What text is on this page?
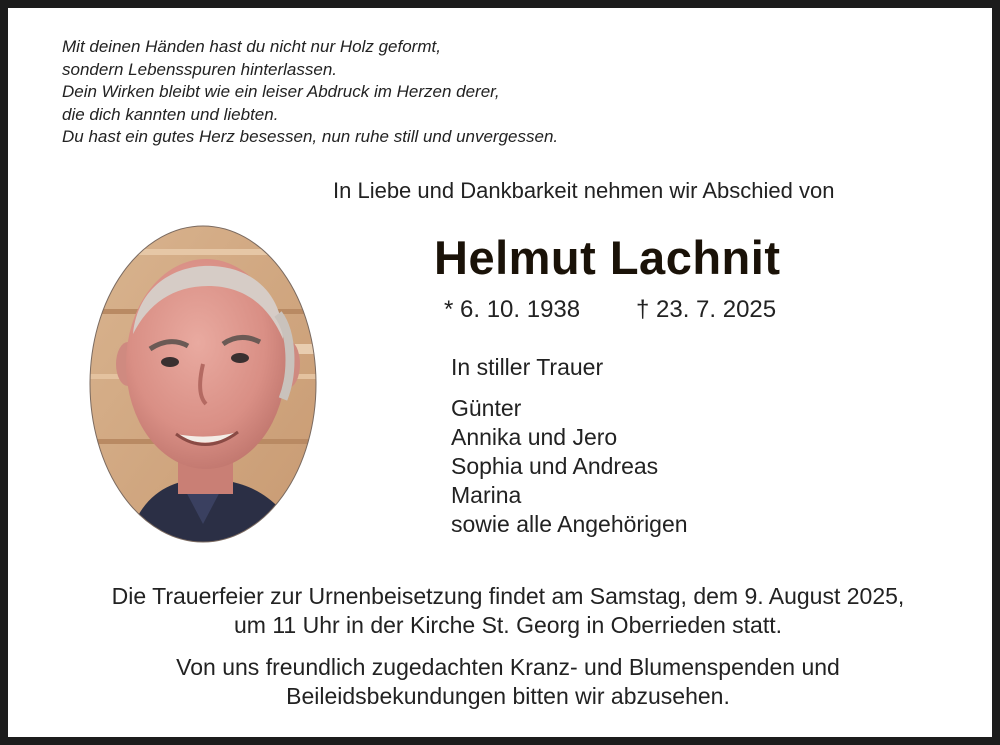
Mit deinen Händen hast du nicht nur Holz geformt,
sondern Lebensspuren hinterlassen.
Dein Wirken bleibt wie ein leiser Abdruck im Herzen derer,
die dich kannten und liebten.
Du hast ein gutes Herz besessen, nun ruhe still und unvergessen.
In Liebe und Dankbarkeit nehmen wir Abschied von
Helmut Lachnit
* 6. 10. 1938 † 23. 7. 2025
In stiller Trauer
Günter
Annika und Jero
Sophia und Andreas
Marina
sowie alle Angehörigen
Die Trauerfeier zur Urnenbeisetzung findet am Samstag, dem 9. August 2025,
um 11 Uhr in der Kirche St. Georg in Oberrieden statt.
Von uns freundlich zugedachten Kranz- und Blumenspenden und
Beileidsbekundungen bitten wir abzusehen.
